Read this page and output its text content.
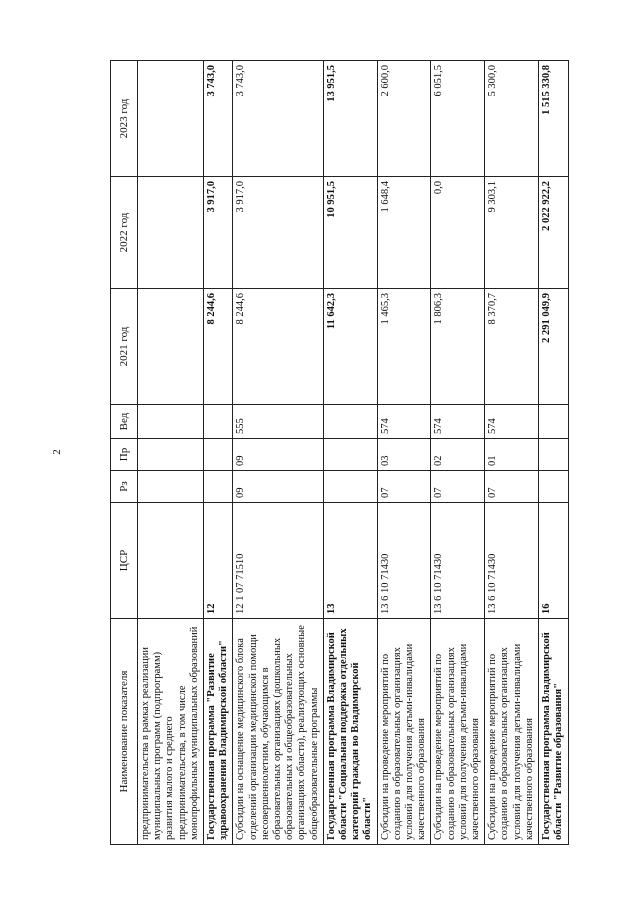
2
Наименование показателя	ЦСР	Рз	Пр	Вед	2021 год	2022 год	2023 год
предпринимательства в рамках реализации муниципальных программ (подпрограмм) развития малого и среднего предпринимательства, в том числе монопрофильных муниципальных образований							
Государственная программа "Развитие здравоохранения Владимирской области"	12				8 244,6	3 917,0	3 743,0
Субсидии на оснащение медицинского блока отделений организации медицинской помощи несовершеннолетним, обучающимся в образовательных организациях (дошкольных образовательных и общеобразовательных организациях области), реализующих основные общеобразовательные программы	12 1 07 71510	09	09	555	8 244,6	3 917,0	3 743,0
Государственная программа Владимирской области "Социальная поддержка отдельных категорий граждан во Владимирской области"	13				11 642,3	10 951,5	13 951,5
Субсидии на проведение мероприятий по созданию в образовательных организациях условий для получения детьми-инвалидами качественного образования	13 6 10 71430	07	03	574	1 465,3	1 648,4	2 600,0
Субсидии на проведение мероприятий по созданию в образовательных организациях условий для получения детьми-инвалидами качественного образования	13 6 10 71430	07	02	574	1 806,3	0,0	6 051,5
Субсидии на проведение мероприятий по созданию в образовательных организациях условий для получения детьми-инвалидами качественного образования	13 6 10 71430	07	01	574	8 370,7	9 303,1	5 300,0
Государственная программа Владимирской области "Развитие образования"	16				2 291 049,9	2 022 922,2	1 515 330,8
